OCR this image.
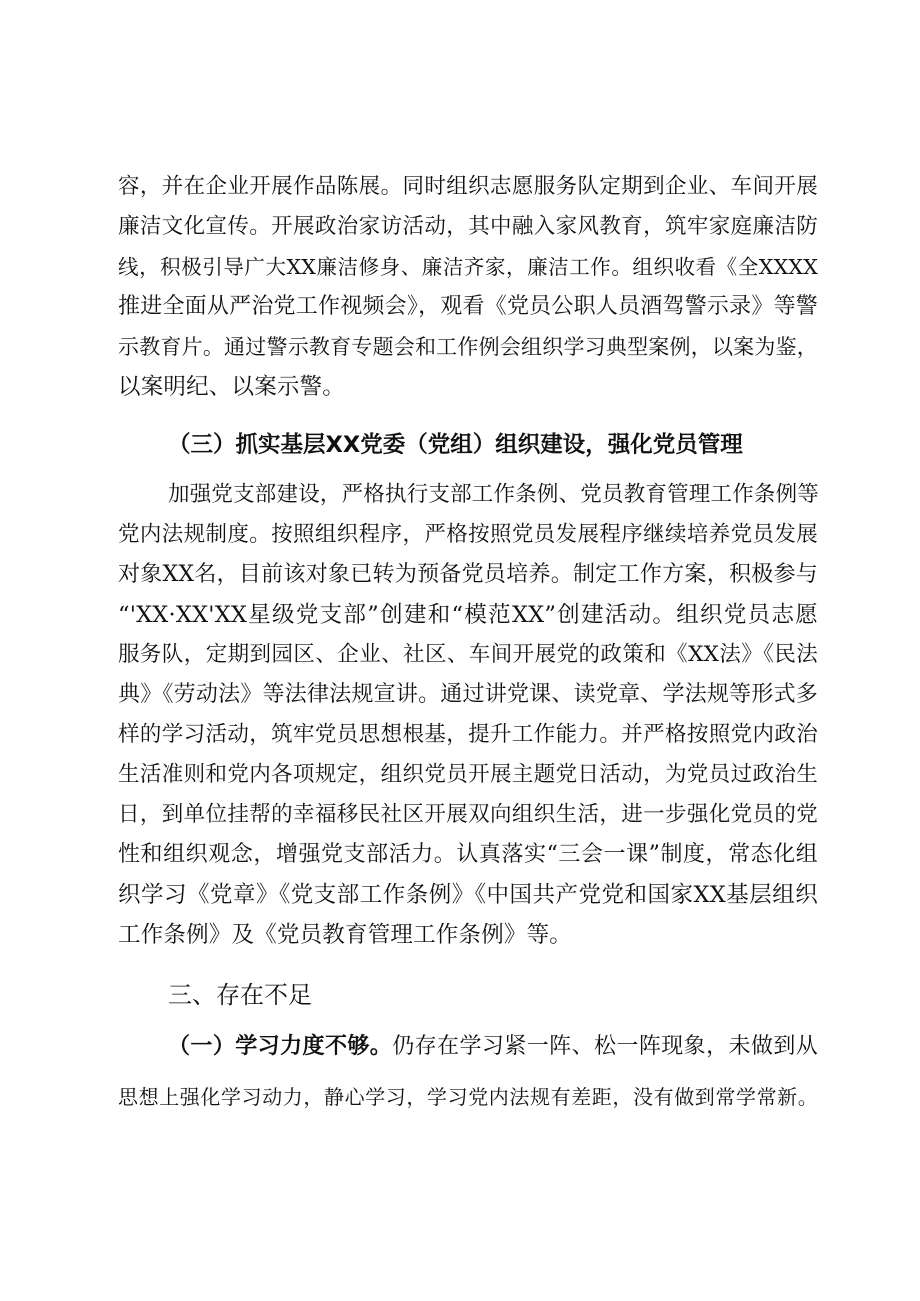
容，并在企业开展作品陈展。同时组织志愿服务队定期到企业、车间开展
廉洁文化宣传。开展政治家访活动，其中融入家风教育，筑牢家庭廉洁防
线，积极引导广大XX廉洁修身、廉洁齐家，廉洁工作。组织收看《全XXXX
推进全面从严治党工作视频会》，观看《党员公职人员酒驾警示录》等警
示教育片。通过警示教育专题会和工作例会组织学习典型案例，以案为鉴，
以案明纪、以案示警。
（三）抓实基层XX党委（党组）组织建设，强化党员管理
加强党支部建设，严格执行支部工作条例、党员教育管理工作条例等
党内法规制度。按照组织程序，严格按照党员发展程序继续培养党员发展
对象XX名，目前该对象已转为预备党员培养。制定工作方案，积极参与
“'XX·XX'XX星级党支部”创建和“模范XX”创建活动。组织党员志愿
服务队，定期到园区、企业、社区、车间开展党的政策和《XX法》《民法
典》《劳动法》等法律法规宣讲。通过讲党课、读党章、学法规等形式多
样的学习活动，筑牢党员思想根基，提升工作能力。并严格按照党内政治
生活准则和党内各项规定，组织党员开展主题党日活动，为党员过政治生
日，到单位挂帮的幸福移民社区开展双向组织生活，进一步强化党员的党
性和组织观念，增强党支部活力。认真落实“三会一课”制度，常态化组
织学习《党章》《党支部工作条例》《中国共产党党和国家XX基层组织
工作条例》及《党员教育管理工作条例》等。
三、存在不足
（一）学习力度不够。仍存在学习紧一阵、松一阵现象，未做到从
思想上强化学习动力，静心学习，学习党内法规有差距，没有做到常学常新。
